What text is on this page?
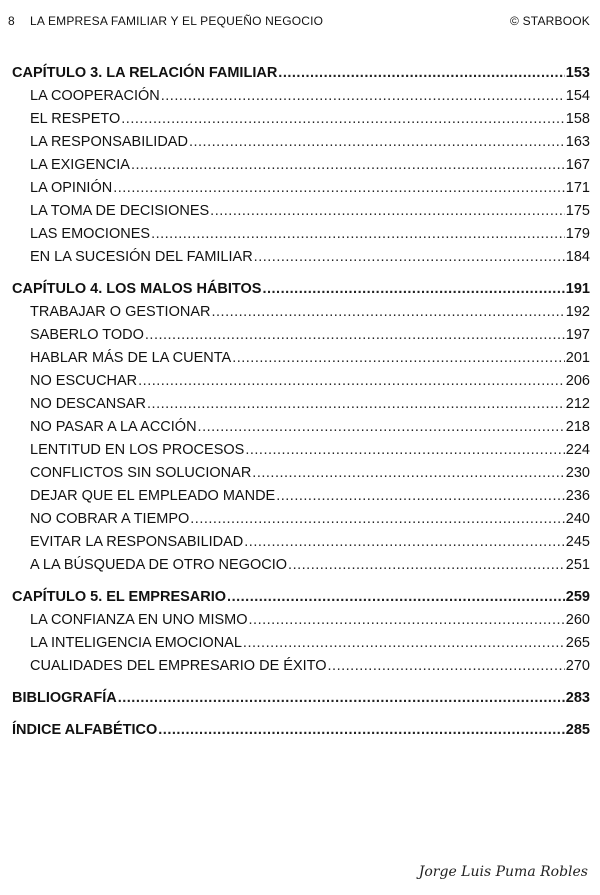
8 LA EMPRESA FAMILIAR Y EL PEQUEÑO NEGOCIO	© STARBOOK
CAPÍTULO 3. LA RELACIÓN FAMILIAR .....	153
LA COOPERACIÓN .....	154
EL RESPETO .....	158
LA RESPONSABILIDAD .....	163
LA EXIGENCIA .....	167
LA OPINIÓN .....	171
LA TOMA DE DECISIONES .....	175
LAS EMOCIONES .....	179
EN LA SUCESIÓN DEL FAMILIAR .....	184
CAPÍTULO 4. LOS MALOS HÁBITOS .....	191
TRABAJAR O GESTIONAR .....	192
SABERLO TODO .....	197
HABLAR MÁS DE LA CUENTA .....	201
NO ESCUCHAR .....	206
NO DESCANSAR .....	212
NO PASAR A LA ACCIÓN .....	218
LENTITUD EN LOS PROCESOS .....	224
CONFLICTOS SIN SOLUCIONAR .....	230
DEJAR QUE EL EMPLEADO MANDE .....	236
NO COBRAR A TIEMPO .....	240
EVITAR LA RESPONSABILIDAD .....	245
A LA BÚSQUEDA DE OTRO NEGOCIO .....	251
CAPÍTULO 5. EL EMPRESARIO .....	259
LA CONFIANZA EN UNO MISMO .....	260
LA INTELIGENCIA EMOCIONAL .....	265
CUALIDADES DEL EMPRESARIO DE ÉXITO .....	270
BIBLIOGRAFÍA .....	283
ÍNDICE ALFABÉTICO .....	285
Jorge Luis Puma Robles
